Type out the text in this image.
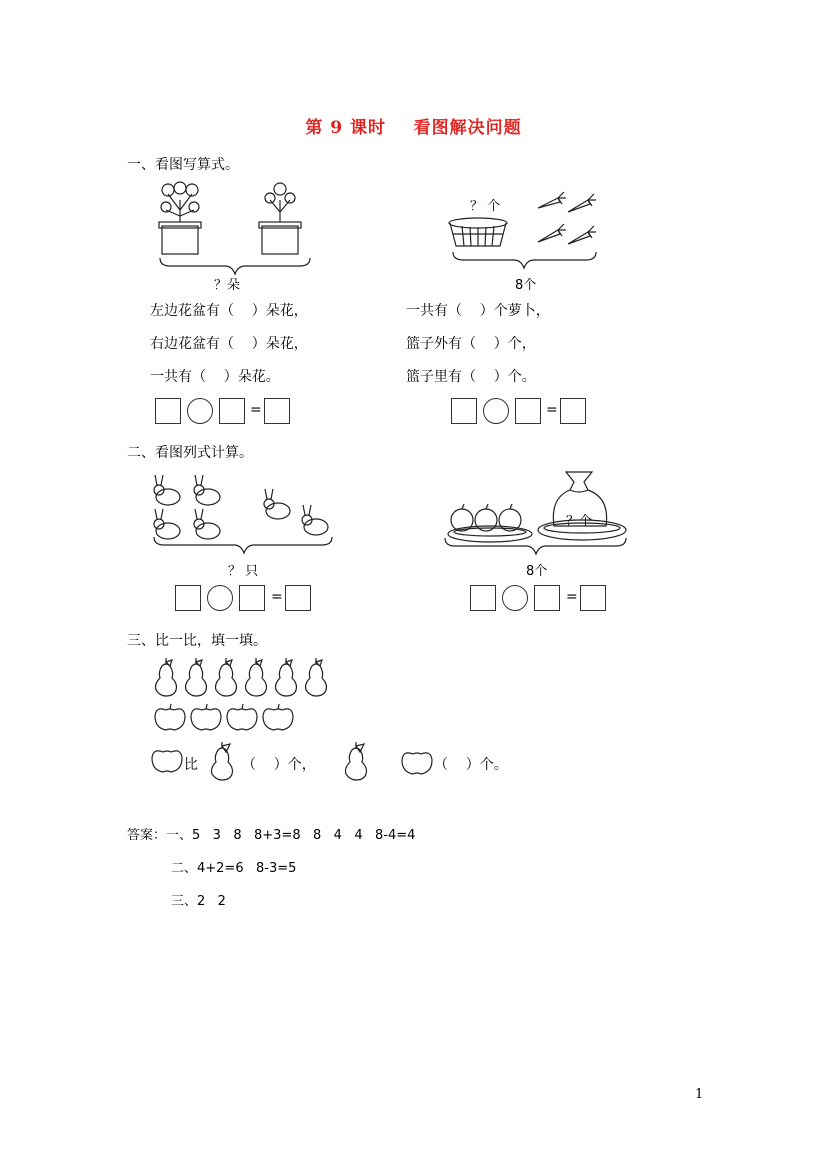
第 9 课时    看图解决问题
一、看图写算式。
？朵
左边花盆有（    ）朵花，
右边花盆有（    ）朵花，
一共有（    ）朵花。
=
？ 个
8个
一共有（    ）个萝卜，
篮子外有（    ）个，
篮子里有（    ）个。
=
二、看图列式计算。
？ 只
=
？个
8个
=
三、比一比，填一填。
比	（    ）个，	（    ）个。
答案：一、5   3   8   8+3=8   8   4   4   8-4=4
二、4+2=6   8-3=5
三、2   2
1
